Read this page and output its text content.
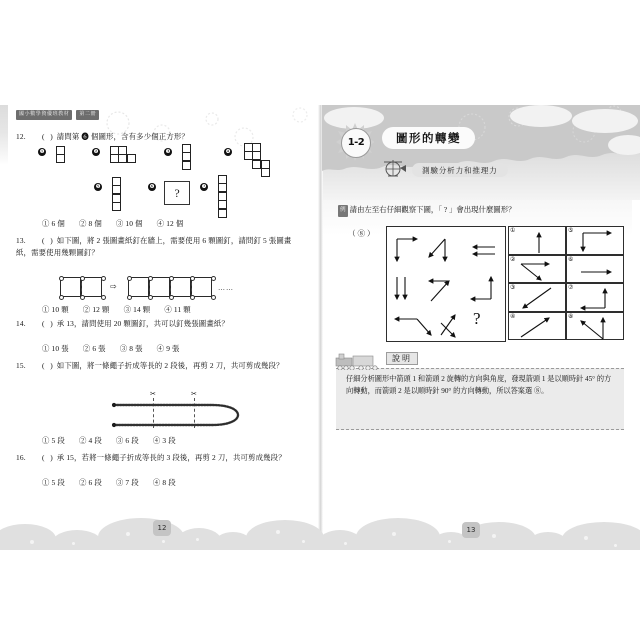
國小數學資優班教材	第二冊
12.	( ) 請問第 ❻ 個圖形，含有多少個正方形？
❶	❷	❸	❹
❺	❻	?	❼
① 6 個 ② 8 個 ③ 10 個 ④ 12 個
13.	( ) 如下圖，將 2 張圖畫紙釘在牆上，需要使用 6 顆圖釘，請問釘 5 張圖畫紙，需要使用幾顆圖釘？
⇨	……
① 10 顆 ② 12 顆 ③ 14 顆 ④ 11 顆
14.	( ) 承 13，請問使用 20 顆圖釘，共可以釘幾張圖畫紙？
① 10 張 ② 6 張 ③ 8 張 ④ 9 張
15.	( ) 如下圖，將一條繩子折成等長的 2 段後，再剪 2 刀，共可剪成幾段？
✂	✂
① 5 段 ② 4 段 ③ 6 段 ④ 3 段
16.	( ) 承 15，若將一條繩子折成等長的 3 段後，再剪 2 刀，共可剪成幾段？
① 5 段 ② 6 段 ③ 7 段 ④ 8 段
1-2	圖形的轉變
測驗分析力和推理力
例 請由左至右仔細觀察下圖，「 ? 」會出現什麼圖形？
（ ⑧ ）
?
①	⑤
②	⑥
③	⑦
④	⑧
說明
仔細分析圖形中箭頭 1 和箭頭 2 旋轉的方向與角度，發現箭頭 1 是以順時針 45° 的方向轉動，而箭頭 2 是以順時針 90° 的方向轉動，所以答案選 ⑧。
12	13
